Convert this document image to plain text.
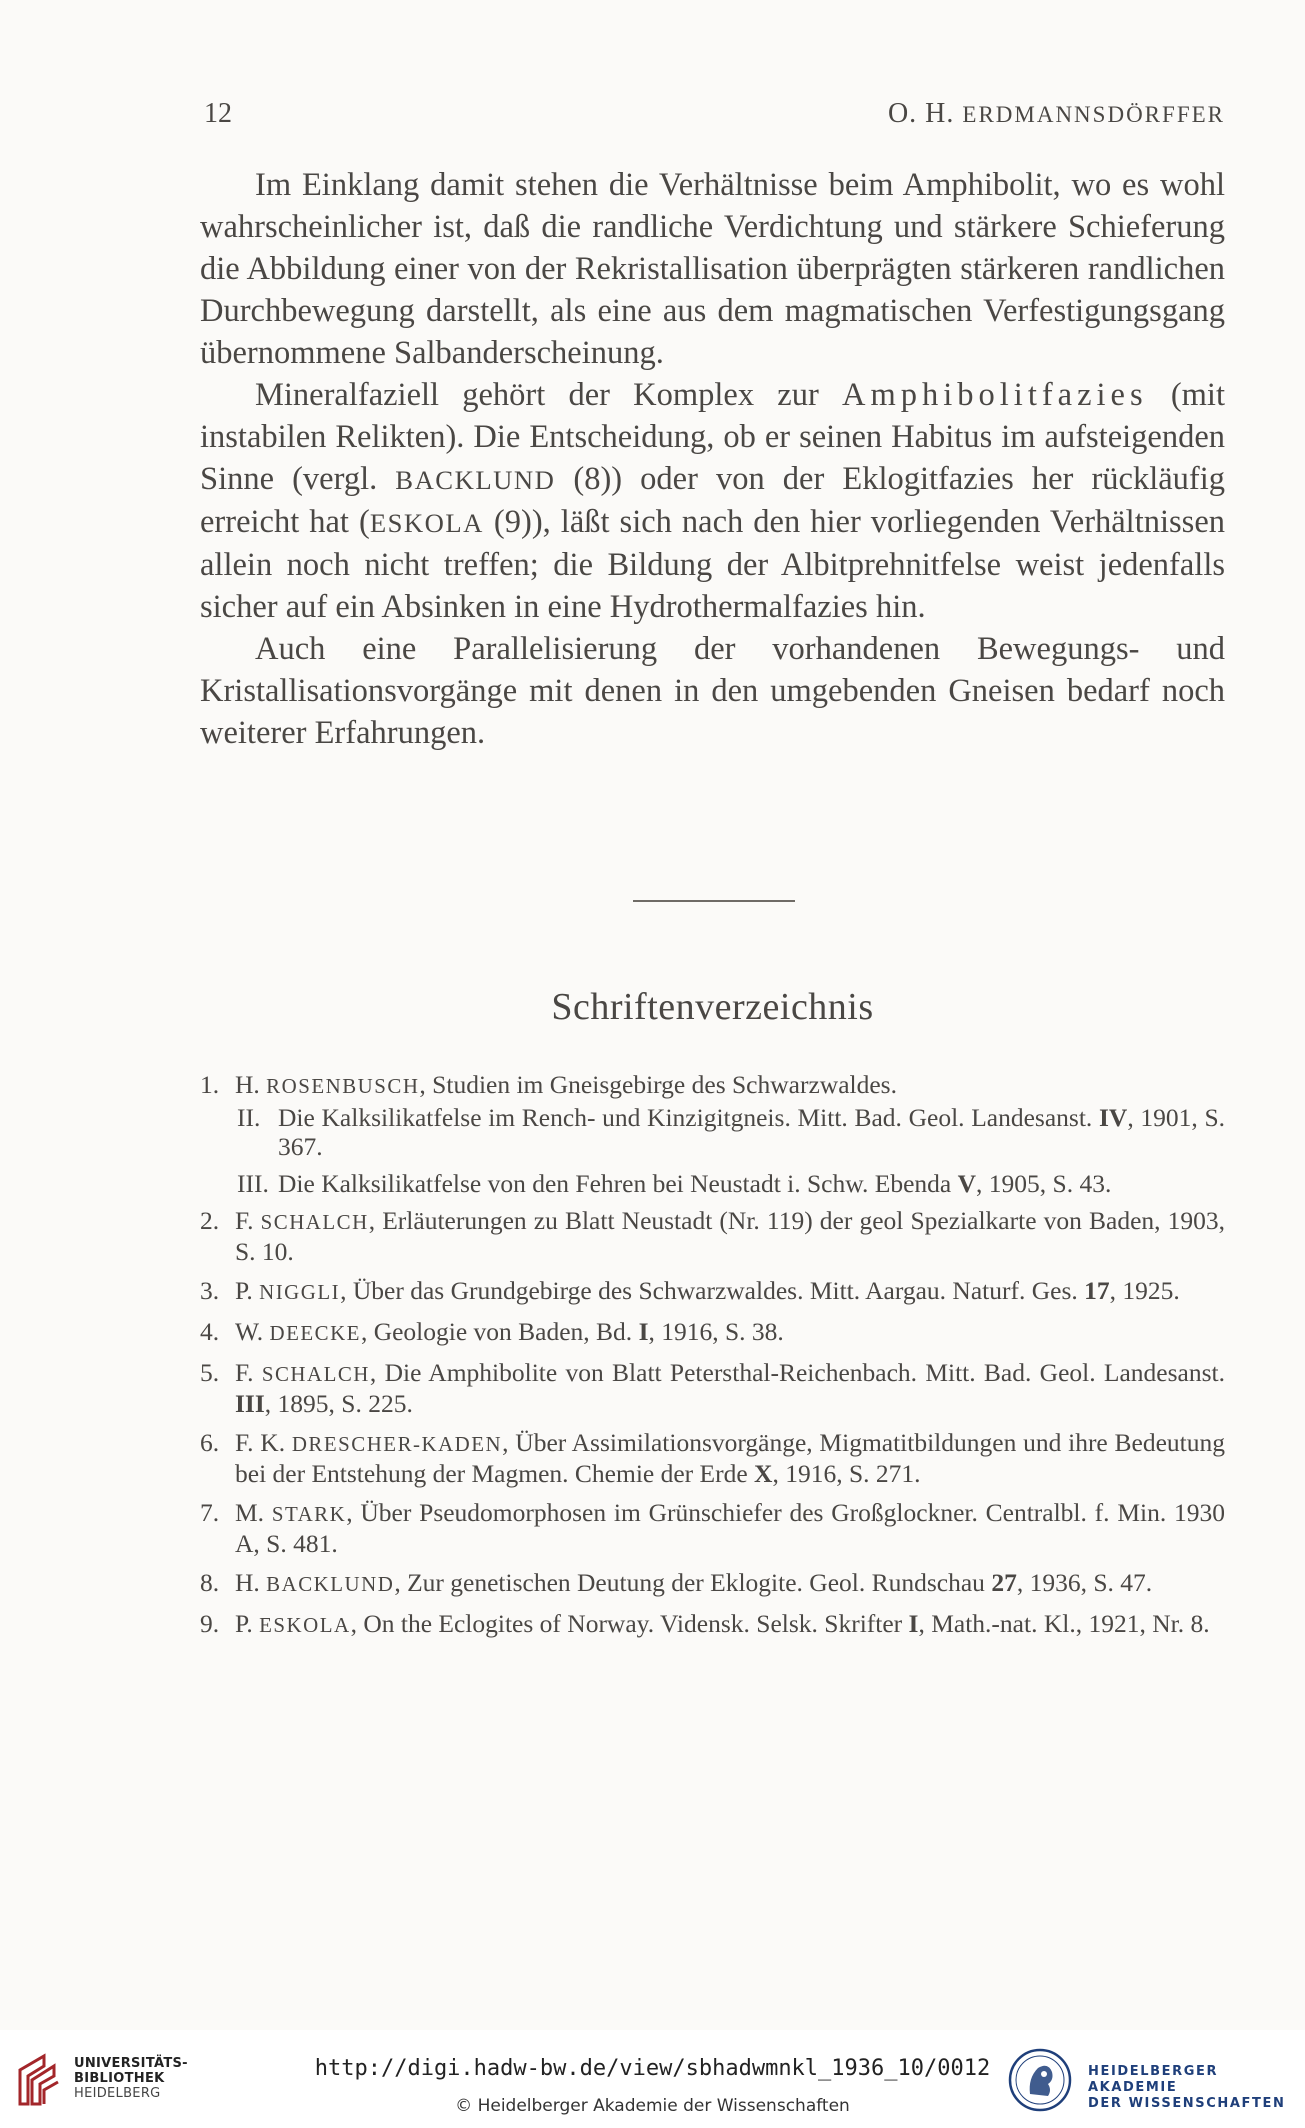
12	O. H. ERDMANNSDÖRFFER

Im Einklang damit stehen die Verhältnisse beim Amphibolit, wo es wohl wahrscheinlicher ist, daß die randliche Verdichtung und stärkere Schieferung die Abbildung einer von der Rekristallisation überprägten stärkeren randlichen Durchbewegung darstellt, als eine aus dem magmatischen Verfestigungsgang übernommene Salbanderscheinung.

Mineralfaziell gehört der Komplex zur Amphibolitfazies (mit instabilen Relikten). Die Entscheidung, ob er seinen Habitus im aufsteigenden Sinne (vergl. BACKLUND (8)) oder von der Eklogitfazies her rückläufig erreicht hat (ESKOLA (9)), läßt sich nach den hier vorliegenden Verhältnissen allein noch nicht treffen; die Bildung der Albitprehnitfelse weist jedenfalls sicher auf ein Absinken in eine Hydrothermalfazies hin.

Auch eine Parallelisierung der vorhandenen Bewegungs- und Kristallisationsvorgänge mit denen in den umgebenden Gneisen bedarf noch weiterer Erfahrungen.

Schriftenverzeichnis
1. H. ROSENBUSCH, Studien im Gneisgebirge des Schwarzwaldes.
II. Die Kalksilikatfelse im Rench- und Kinzigitgneis. Mitt. Bad. Geol. Landesanst. IV, 1901, S. 367.
III. Die Kalksilikatfelse von den Fehren bei Neustadt i. Schw. Ebenda V, 1905, S. 43.
2. F. SCHALCH, Erläuterungen zu Blatt Neustadt (Nr. 119) der geol Spezialkarte von Baden, 1903, S. 10.
3. P. NIGGLI, Über das Grundgebirge des Schwarzwaldes. Mitt. Aargau. Naturf. Ges. 17, 1925.
4. W. DEECKE, Geologie von Baden, Bd. I, 1916, S. 38.
5. F. SCHALCH, Die Amphibolite von Blatt Petersthal-Reichenbach. Mitt. Bad. Geol. Landesanst. III, 1895, S. 225.
6. F. K. DRESCHER-KADEN, Über Assimilationsvorgänge, Migmatitbildungen und ihre Bedeutung bei der Entstehung der Magmen. Chemie der Erde X, 1916, S. 271.
7. M. STARK, Über Pseudomorphosen im Grünschiefer des Großglockner. Centralbl. f. Min. 1930 A, S. 481.
8. H. BACKLUND, Zur genetischen Deutung der Eklogite. Geol. Rundschau 27, 1936, S. 47.
9. P. ESKOLA, On the Eclogites of Norway. Vidensk. Selsk. Skrifter I, Math.-nat. Kl., 1921, Nr. 8.
UNIVERSITÄTS-
BIBLIOTHEK
HEIDELBERG
http://digi.hadw-bw.de/view/sbhadwmnkl_1936_10/0012
© Heidelberger Akademie der Wissenschaften
HEIDELBERGER AKADEMIE
DER WISSENSCHAFTEN
